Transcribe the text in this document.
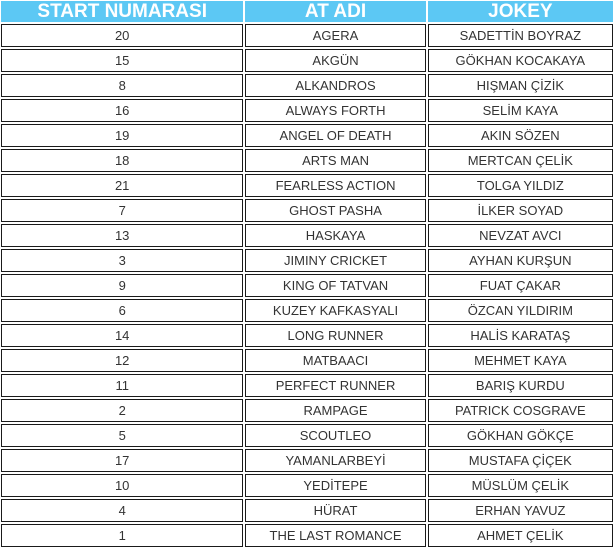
START NUMARASI	AT ADI	JOKEY
20	AGERA	SADETTİN BOYRAZ
15	AKGÜN	GÖKHAN KOCAKAYA
8	ALKANDROS	HIŞMAN ÇİZİK
16	ALWAYS FORTH	SELİM KAYA
19	ANGEL OF DEATH	AKIN SÖZEN
18	ARTS MAN	MERTCAN ÇELİK
21	FEARLESS ACTION	TOLGA YILDIZ
7	GHOST PASHA	İLKER SOYAD
13	HASKAYA	NEVZAT AVCI
3	JIMINY CRICKET	AYHAN KURŞUN
9	KING OF TATVAN	FUAT ÇAKAR
6	KUZEY KAFKASYALI	ÖZCAN YILDIRIM
14	LONG RUNNER	HALİS KARATAŞ
12	MATBAACI	MEHMET KAYA
11	PERFECT RUNNER	BARIŞ KURDU
2	RAMPAGE	PATRICK COSGRAVE
5	SCOUTLEO	GÖKHAN GÖKÇE
17	YAMANLARBEYİ	MUSTAFA ÇİÇEK
10	YEDİTEPE	MÜSLÜM ÇELİK
4	HÜRAT	ERHAN YAVUZ
1	THE LAST ROMANCE	AHMET ÇELİK
